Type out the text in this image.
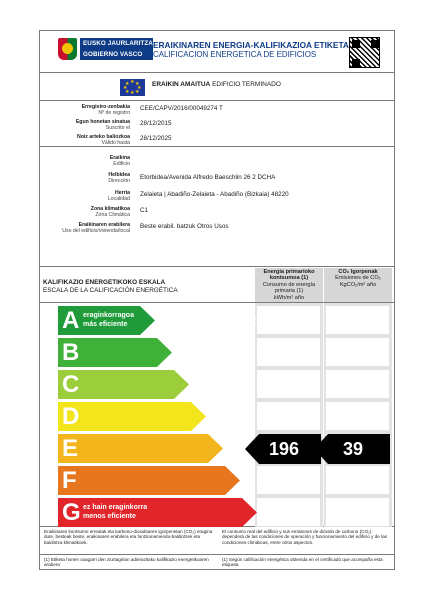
EUSKO JAURLARITZA
GOBIERNO VASCO
ERAIKINAREN ENERGIA-KALIFIKAZIOA ETIKETA
CALIFICACION ENERGETICA DE EDIFICIOS
★ ★
★
★
★
★
★
★	ERAIKIN AMAITUA EDIFICIO TERMINADO
Erregistro-zenbakia
Nº de registro
CEE/CAPV/2016/00049274 T
Egun honetan sinatua
Suscrito el
28/12/2015
Noiz arteko baliozkoa
Válido hasta
28/12/2025
Eraikina
Edificio
Helbidea
Dirección Etorbidea/Avenida Alfredo Baeschlin 26 2 DCHA
Herria
Localidad
Zelaieta | Abadiño-Zelaieta - Abadiño (Bizkaia) 48220
Zona klimatikoa
Zona Climática
C1
Eraikinaren erabilera
Uso del edificio/vivienda/local
Beste erabil. batzuk Otros Usos
KALIFIKAZIO ENERGETIKOKO ESKALA
ESCALA DE LA CALIFICACIÓN ENERGÉTICA
Energia primarioko kontsumoa (1)
Consumo de energía primaria (1)
kWh/m² año
CO₂ Igorpenak
Emisiones de CO₂
KgCO₂/m² año
A eraginkorragoa
más eficiente
B
C
D
E	196	39
F
G ez hain eraginkorra
menos eficiente
habitaclia

Eraikinaren kontsumo errealak eta karbono-dioxidoaren igorpenetan (CO₂) eragina dute, besteak beste, eraikinaren erabilera eta funtzionamendu-baldintzek eta baldintza klimatikoek.

El consumo real del edificio y sus emisiones de dióxido de carbono (CO₂) dependerá de las condiciones de operación y funcionamiento del edificio y de las condiciones climáticas, entre otros aspectos.

(1) Etiketa honen oxagarri den ziurtagirian adierazitako kalifikazio energetikoaren arabera

(1) Según calificación energética obtenida en el certificado que acompaña esta etiqueta.
